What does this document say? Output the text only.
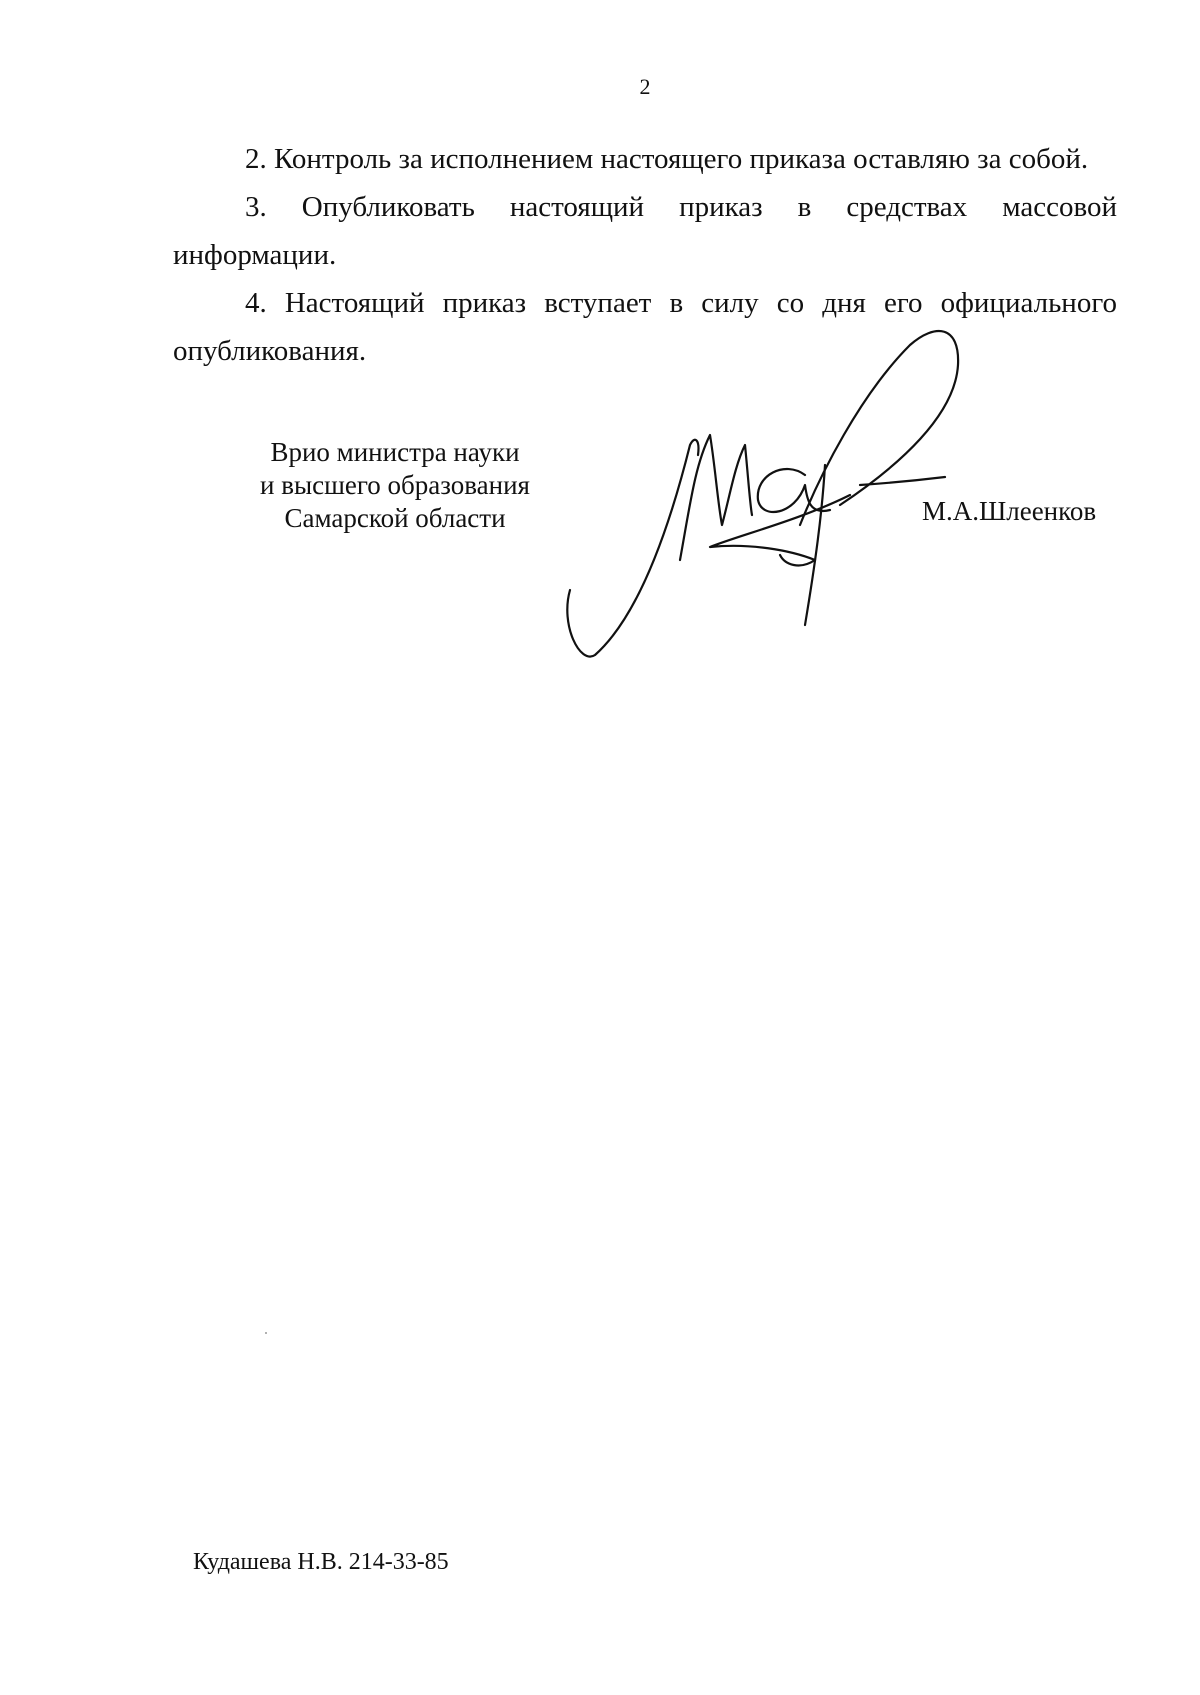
2

2. Контроль за исполнением настоящего приказа оставляю за собой.

3. Опубликовать настоящий приказ в средствах массовой информации.

4. Настоящий приказ вступает в силу со дня его официального опубликования.

Врио министра науки
и высшего образования
Самарской области	М.А.Шлеенков
Кудашева Н.В. 214-33-85
